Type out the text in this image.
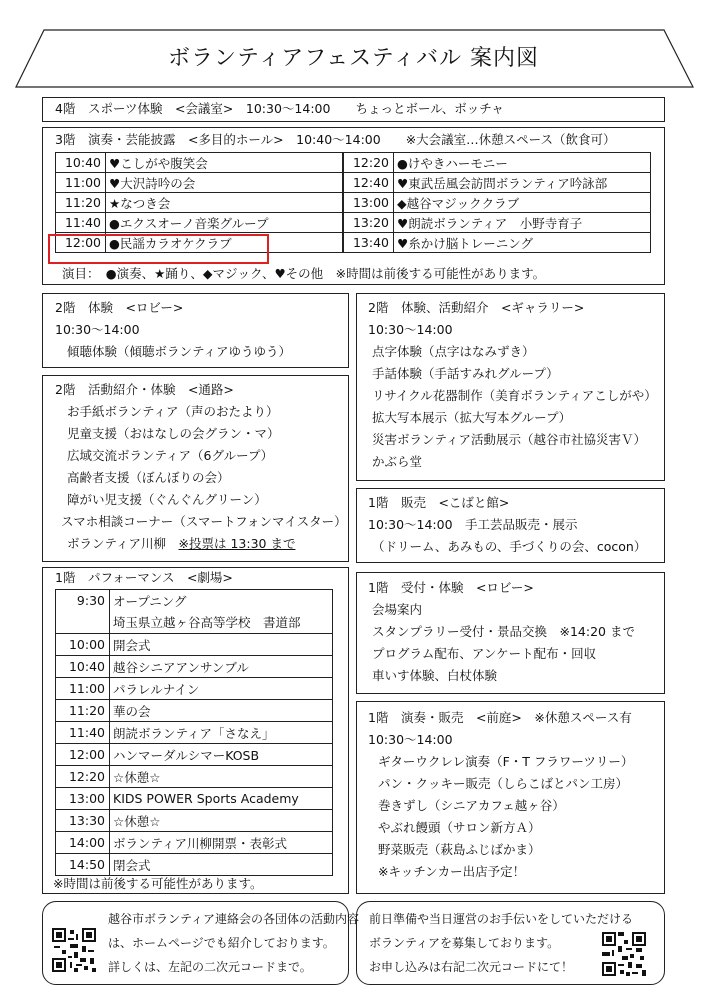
ボランティアフェスティバル 案内図
4階　スポーツ体験　<会議室>　10:30～14:00　　ちょっとボール、ボッチャ
3階　演奏・芸能披露　<多目的ホール>　10:40～14:00　　※大会議室…休憩スペース（飲食可）
10:40	♥こしがや腹笑会
11:00	♥大沢詩吟の会
11:20	★なつき会
11:40	●エクスオーノ音楽グループ
12:00	●民謡カラオケクラブ
12:20	●けやきハーモニー
12:40	♥東武岳風会訪問ボランティア吟詠部
13:00	◆越谷マジッククラブ
13:20	♥朗読ボランティア　小野寺育子
13:40	♥糸かけ脳トレーニング
演目：　●演奏、★踊り、◆マジック、♥その他　※時間は前後する可能性があります。
2階　体験　<ロビー>
10:30～14:00
傾聴体験（傾聴ボランティアゆうゆう）
2階　活動紹介・体験　<通路>
お手紙ボランティア（声のおたより）
児童支援（おはなしの会グラン・マ）
広域交流ボランティア（6グループ）
高齢者支援（ぼんぼりの会）
障がい児支援（ぐんぐんグリーン）
スマホ相談コーナー（スマートフォンマイスター）
ボランティア川柳　※投票は 13:30 まで
2階　体験、活動紹介　<ギャラリー>
10:30～14:00
点字体験（点字はなみずき）
手話体験（手話すみれグループ）
リサイクル花器制作（美育ボランティアこしがや）
拡大写本展示（拡大写本グループ）
災害ボランティア活動展示（越谷市社協災害Ｖ）
かぶら堂
1階　販売　<こばと館>
10:30～14:00　手工芸品販売・展示
（ドリーム、あみもの、手づくりの会、cocon）
1階　パフォーマンス　<劇場>
9:30	オープニング
	埼玉県立越ヶ谷高等学校　書道部
10:00	開会式
10:40	越谷シニアアンサンブル
11:00	パラレルナイン
11:20	華の会
11:40	朗読ボランティア「さなえ」
12:00	ハンマーダルシマーKOSB
12:20	☆休憩☆
13:00	KIDS POWER Sports Academy
13:30	☆休憩☆
14:00	ボランティア川柳開票・表彰式
14:50	閉会式
※時間は前後する可能性があります。
1階　受付・体験　<ロビー>
会場案内
スタンプラリー受付・景品交換　※14:20 まで
プログラム配布、アンケート配布・回収
車いす体験、白杖体験
1階　演奏・販売　<前庭>　※休憩スペース有
10:30～14:00
ギターウクレレ演奏（F・T フラワーツリー）
パン・クッキー販売（しらこばとパン工房）
巻きずし（シニアカフェ越ヶ谷）
やぶれ饅頭（サロン新方Ａ）
野菜販売（萩島ふじばかま）
※キッチンカー出店予定！
越谷市ボランティア連絡会の各団体の活動内容
は、ホームページでも紹介しております。
詳しくは、左記の二次元コードまで。
前日準備や当日運営のお手伝いをしていただける
ボランティアを募集しております。
お申し込みは右記二次元コードにて！
